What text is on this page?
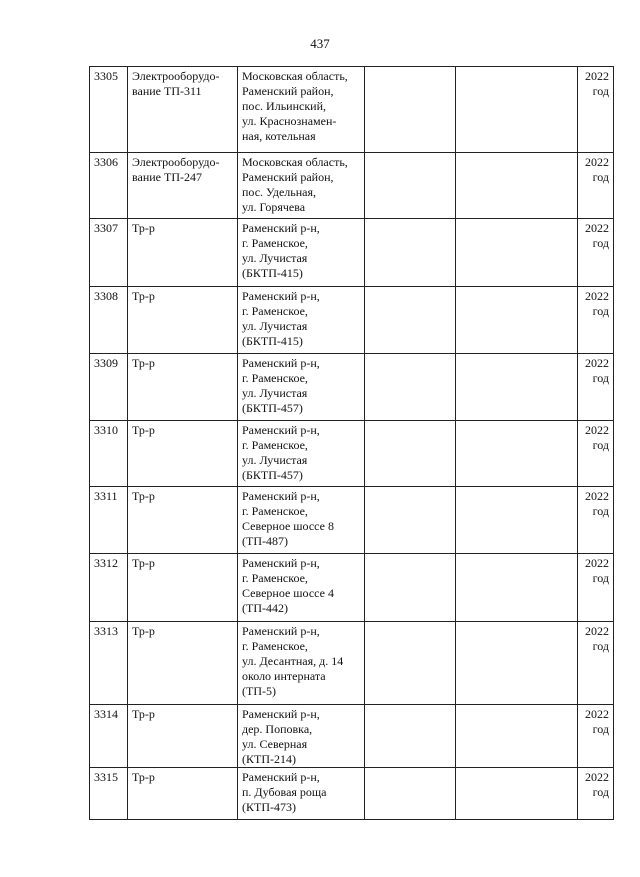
437
3305	Электрооборудо-
вание ТП-311	Московская область,
Раменский район,
пос. Ильинский,
ул. Краснознамен-
ная, котельная			2022
год

3306	Электрооборудо-
вание ТП-247	Московская область,
Раменский район,
пос. Удельная,
ул. Горячева			2022
год

3307	Тр-р	Раменский р-н,
г. Раменское,
ул. Лучистая
(БКТП-415)			2022
год

3308	Тр-р	Раменский р-н,
г. Раменское,
ул. Лучистая
(БКТП-415)			2022
год

3309	Тр-р	Раменский р-н,
г. Раменское,
ул. Лучистая
(БКТП-457)			2022
год

3310	Тр-р	Раменский р-н,
г. Раменское,
ул. Лучистая
(БКТП-457)			2022
год

3311	Тр-р	Раменский р-н,
г. Раменское,
Северное шоссе 8
(ТП-487)			2022
год

3312	Тр-р	Раменский р-н,
г. Раменское,
Северное шоссе 4
(ТП-442)			2022
год

3313	Тр-р	Раменский р-н,
г. Раменское,
ул. Десантная, д. 14
около интерната
(ТП-5)			2022
год

3314	Тр-р	Раменский р-н,
дер. Поповка,
ул. Северная
(КТП-214)			2022
год

3315	Тр-р	Раменский р-н,
п. Дубовая роща
(КТП-473)			2022
год
